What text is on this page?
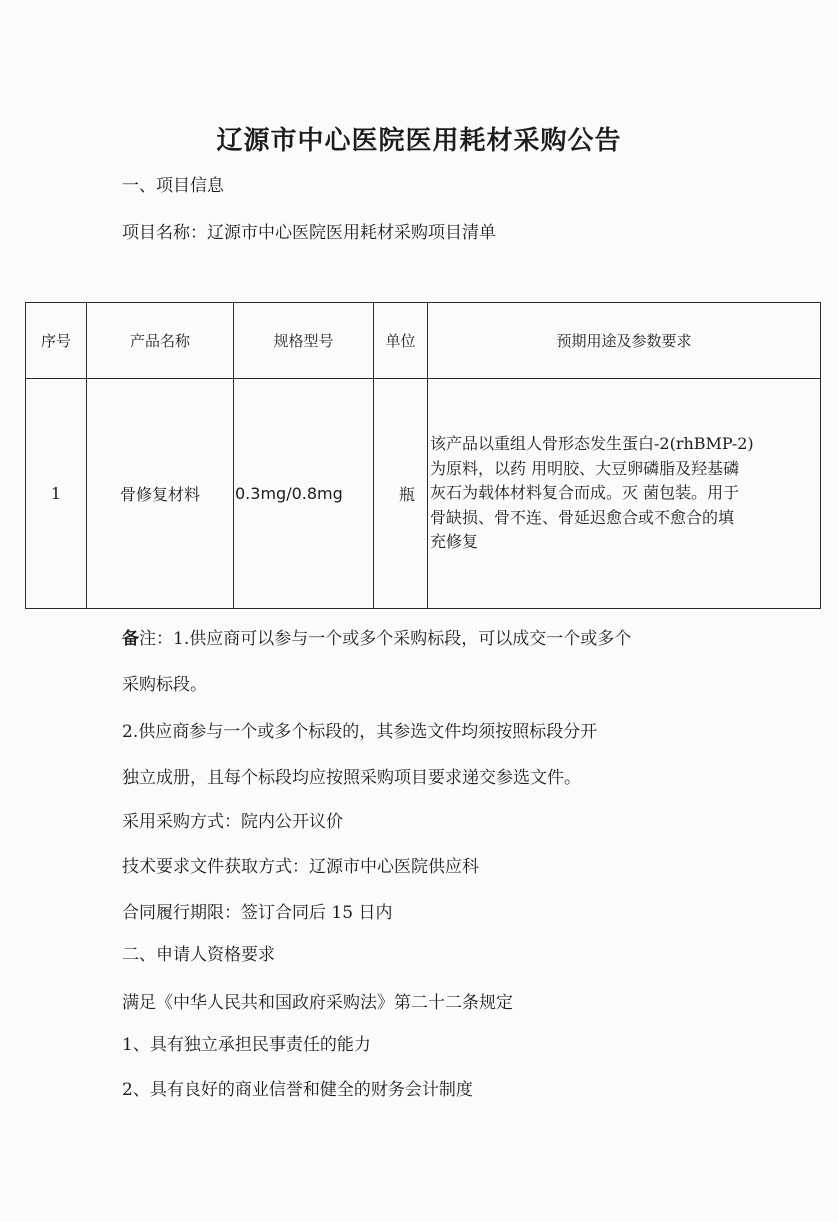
辽源市中心医院医用耗材采购公告

一、项目信息

项目名称：辽源市中心医院医用耗材采购项目清单

序号	产品名称	规格型号	单位	预期用途及参数要求
1	骨修复材料	0.3mg/0.8mg	瓶	该产品以重组人骨形态发生蛋白-2(rhBMP-2)
为原料，以药 用明胶、大豆卵磷脂及羟基磷
灰石为载体材料复合而成。灭 菌包装。用于
骨缺损、骨不连、骨延迟愈合或不愈合的填
充修复

备注：1.供应商可以参与一个或多个采购标段，可以成交一个或多个

采购标段。

2.供应商参与一个或多个标段的，其参选文件均须按照标段分开

独立成册，且每个标段均应按照采购项目要求递交参选文件。

采用采购方式：院内公开议价

技术要求文件获取方式：辽源市中心医院供应科

合同履行期限：签订合同后 15 日内

二、申请人资格要求

满足《中华人民共和国政府采购法》第二十二条规定

1、具有独立承担民事责任的能力

2、具有良好的商业信誉和健全的财务会计制度
